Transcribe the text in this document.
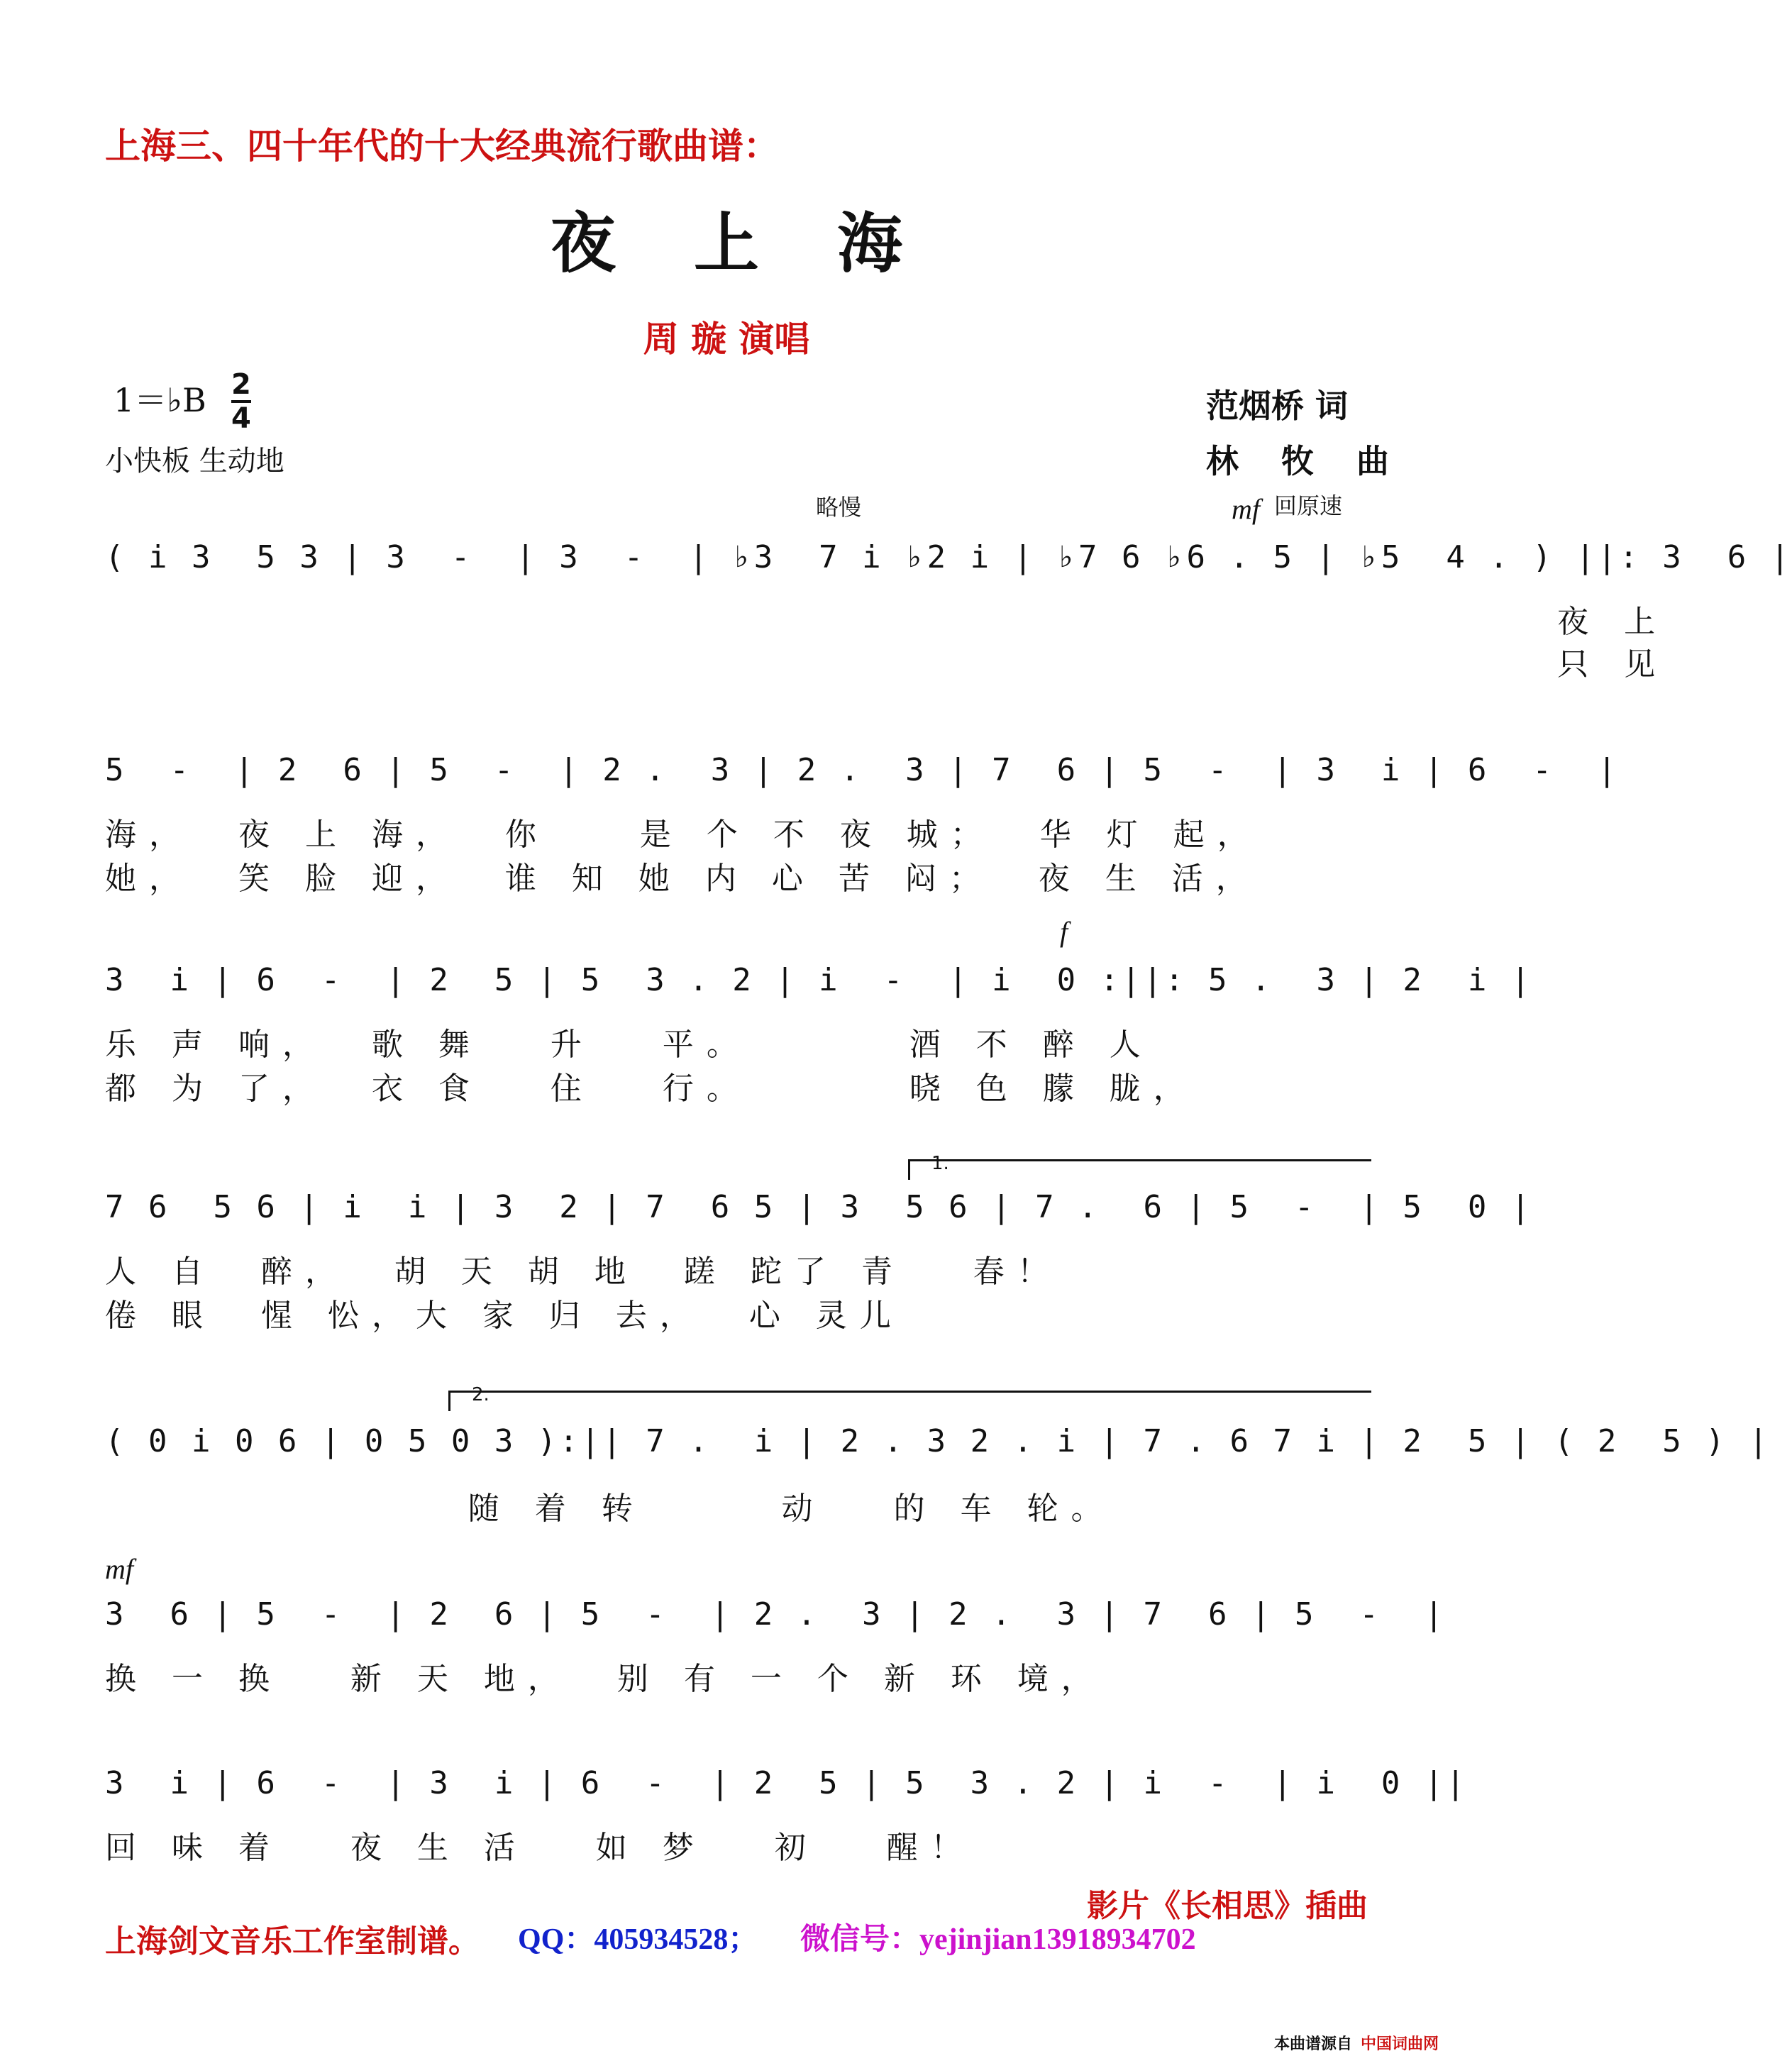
上海三、四十年代的十大经典流行歌曲谱：
夜上海
周 璇 演唱
1＝♭B 2
4
小快板 生动地
范烟桥 词
林 牧 曲
略慢	mf 回原速
f
mf
1.
2.
( i 3  5 3 | 3  -  | 3  -  | ♭3  7 i ♭2 i | ♭7 6 ♭6 . 5 | ♭5  4 . ) ||: 3  6 |
夜 上
只 见
5  -  | 2  6 | 5  -  | 2 .  3 | 2 .  3 | 7  6 | 5  -  | 3  i | 6  -  |
海，  夜 上 海，  你    是 个 不 夜 城；  华 灯 起，
她，  笑 脸 迎，  谁 知 她 内 心 苦 闷；  夜 生 活，
3  i | 6  -  | 2  5 | 5  3 . 2 | i  -  | i  0 :||: 5 .  3 | 2  i |
乐 声 响，  歌 舞   升   平。       酒 不 醉 人
都 为 了，  衣 食   住   行。       晓 色 朦 胧，
7 6  5 6 | i  i | 3  2 | 7  6 5 | 3  5 6 | 7 .  6 | 5  -  | 5  0 |
人 自  醉，  胡 天 胡 地  蹉 跎了 青   春！
倦 眼  惺 忪，大 家 归 去，  心 灵儿
( 0 i 0 6 | 0 5 0 3 ):|| 7 .  i | 2 . 3 2 . i | 7 . 6 7 i | 2  5 | ( 2  5 ) |
随 着 转      动   的 车 轮。
3  6 | 5  -  | 2  6 | 5  -  | 2 .  3 | 2 .  3 | 7  6 | 5  -  |
换 一 换   新 天 地，  别 有 一 个 新 环 境，
3  i | 6  -  | 3  i | 6  -  | 2  5 | 5  3 . 2 | i  -  | i  0 ||
回 味 着   夜 生 活   如 梦   初   醒！
影片《长相思》插曲
上海剑文音乐工作室制谱。 QQ：405934528； 微信号：yejinjian13918934702
本曲谱源自 中国词曲网
